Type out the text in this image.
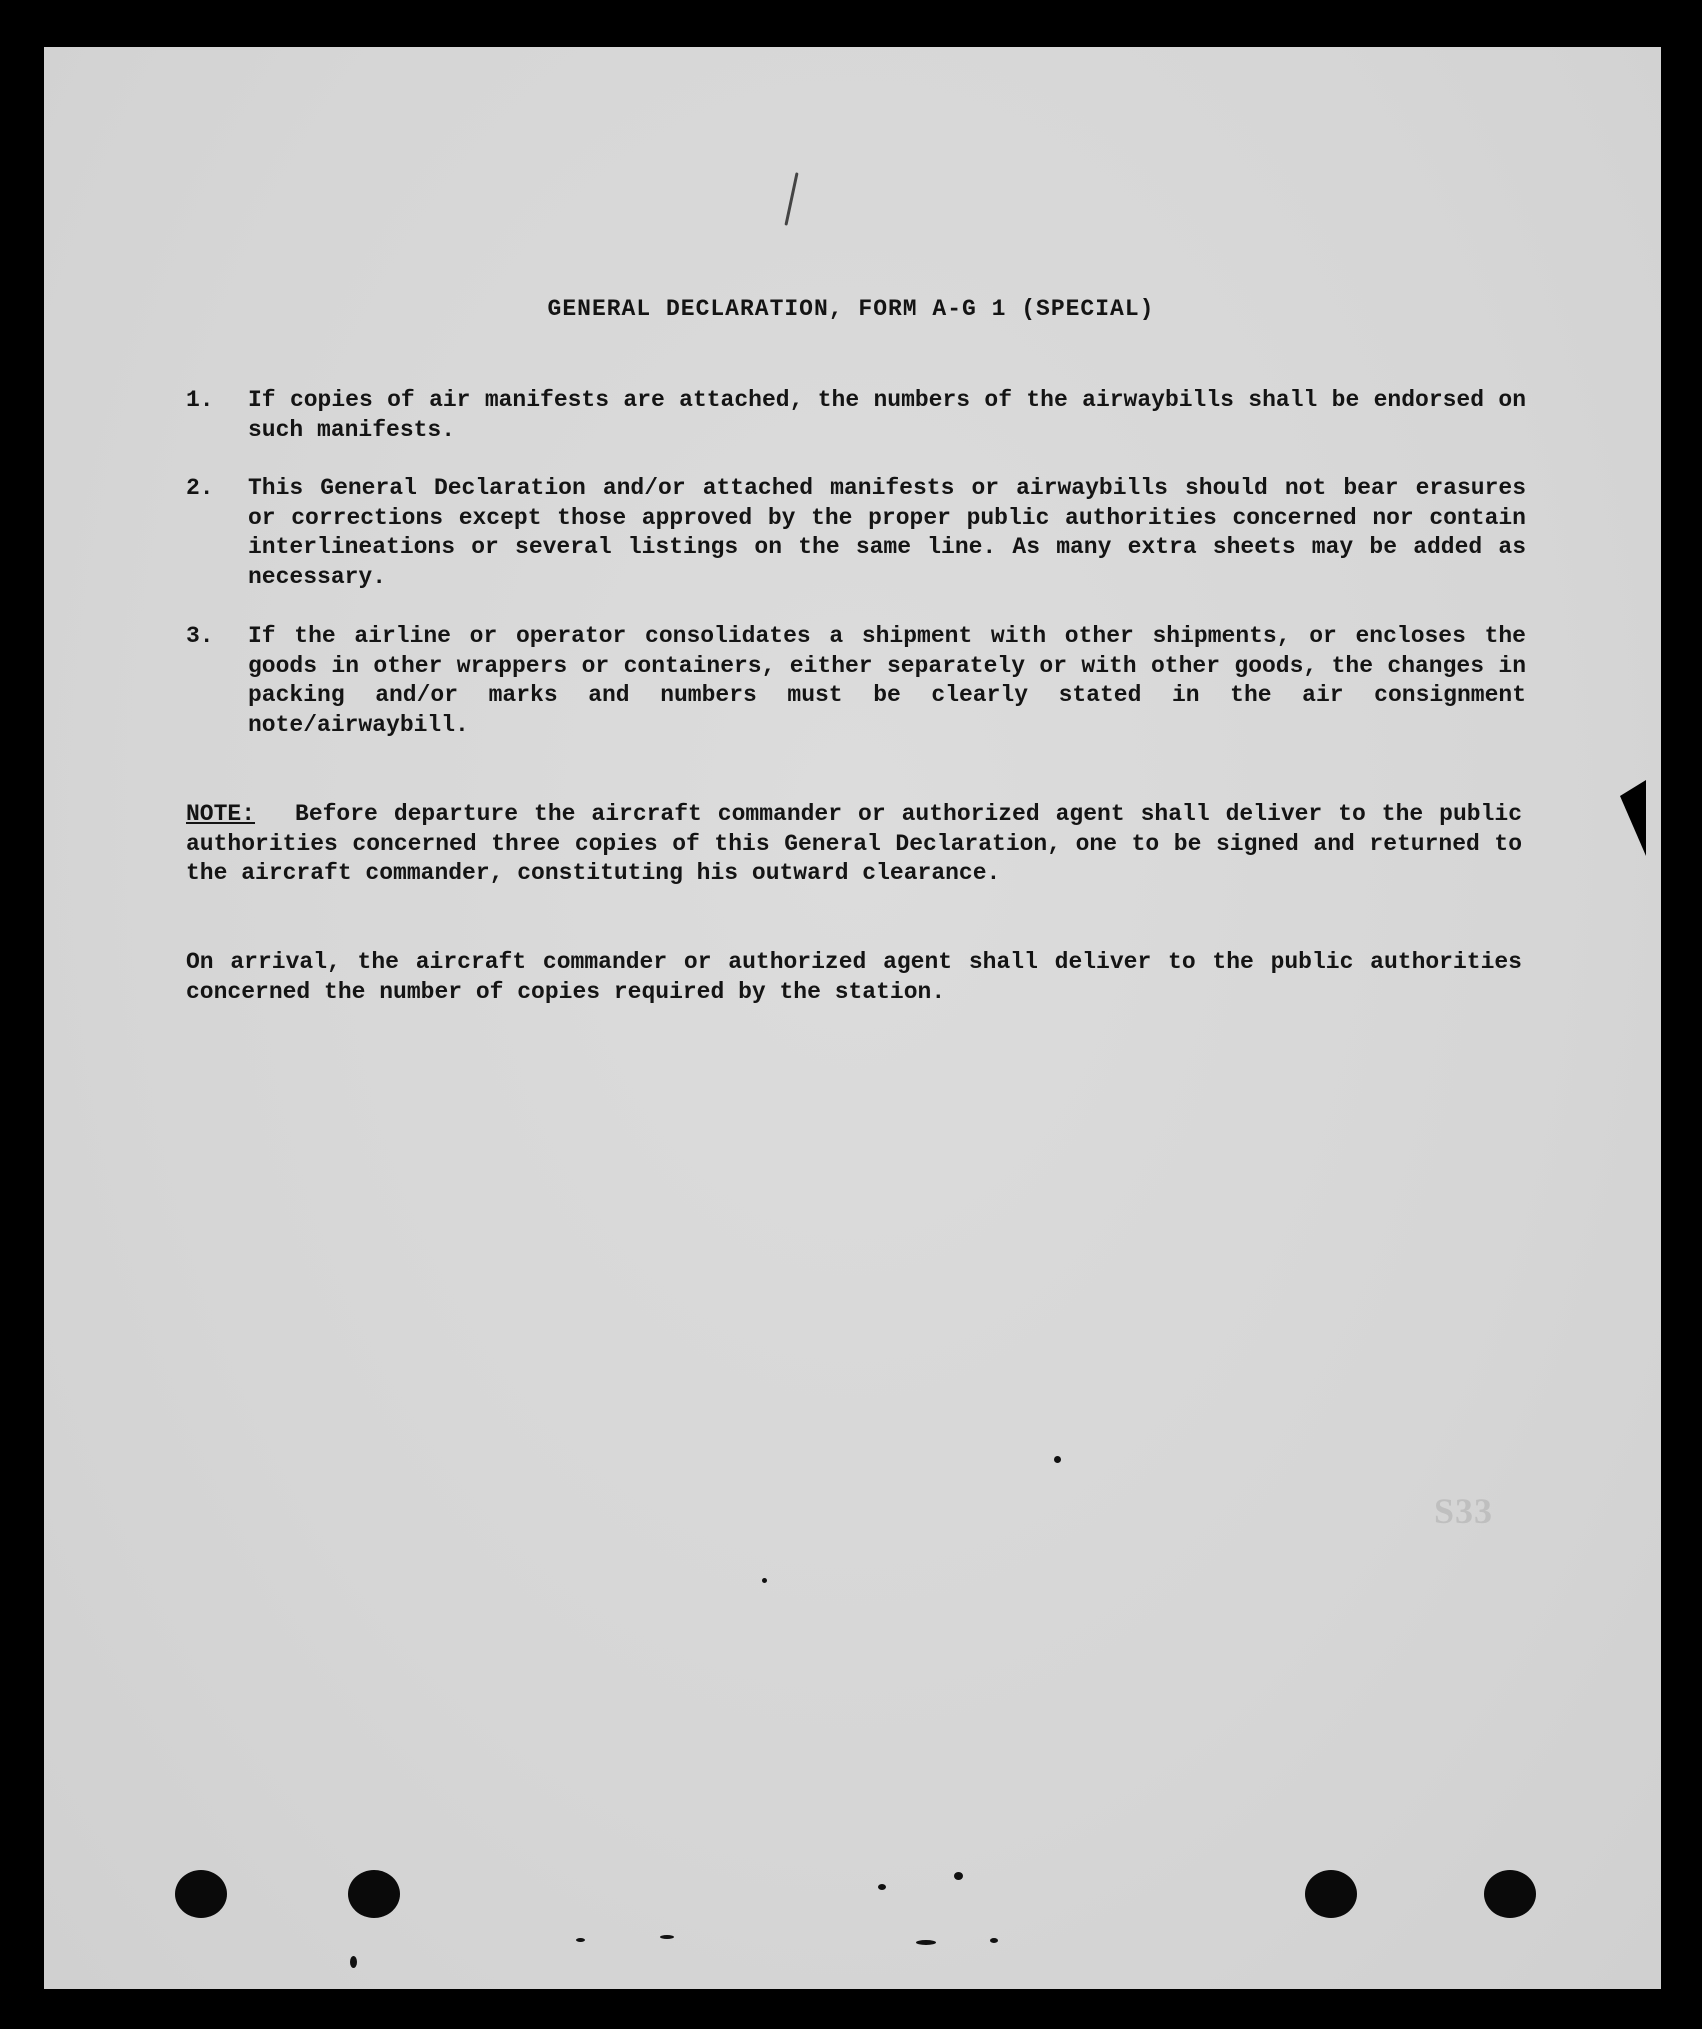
GENERAL DECLARATION, FORM A-G 1 (SPECIAL)
1.	If copies of air manifests are attached, the numbers of the airwaybills shall be endorsed on such manifests.
2.	This General Declaration and/or attached manifests or airwaybills should not bear erasures or corrections except those approved by the proper public authorities concerned nor contain interlineations or several listings on the same line. As many extra sheets may be added as necessary.
3.	If the airline or operator consolidates a shipment with other shipments, or encloses the goods in other wrappers or containers, either separately or with other goods, the changes in packing and/or marks and numbers must be clearly stated in the air consignment note/airwaybill.
NOTE: Before departure the aircraft commander or authorized agent shall deliver to the public authorities concerned three copies of this General Declaration, one to be signed and returned to the aircraft commander, constituting his outward clearance.
On arrival, the aircraft commander or authorized agent shall deliver to the public authorities concerned the number of copies required by the station.
S33
